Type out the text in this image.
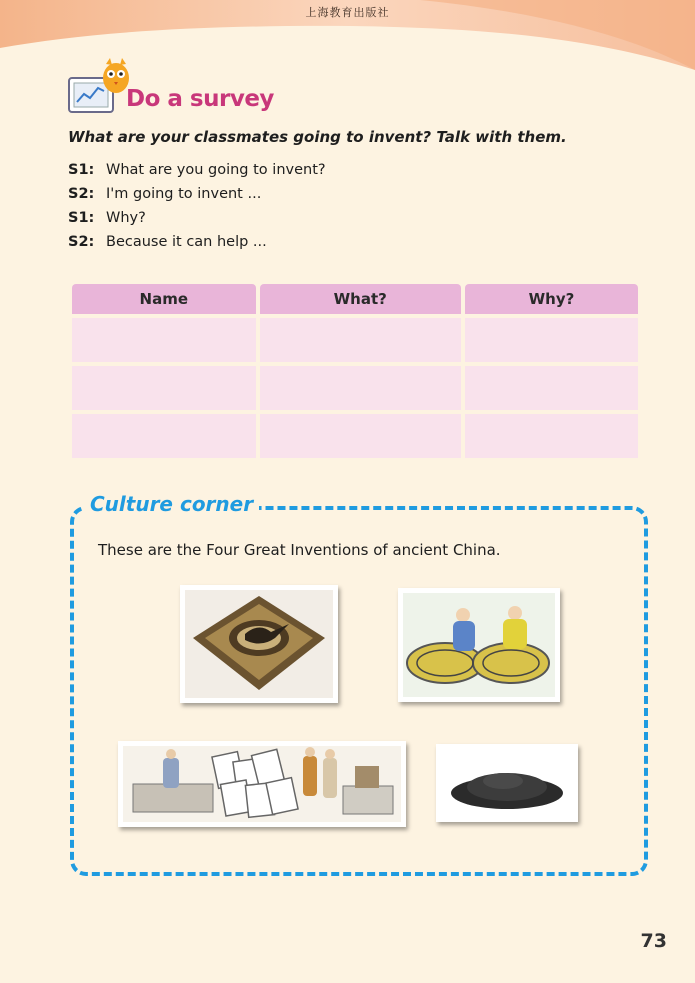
上海教育出版社
Do a survey
What are your classmates going to invent? Talk with them.
S1: What are you going to invent?
S2: I'm going to invent ...
S1: Why?
S2: Because it can help ...
Name	What?	Why?

Culture corner
These are the Four Great Inventions of ancient China.
73
